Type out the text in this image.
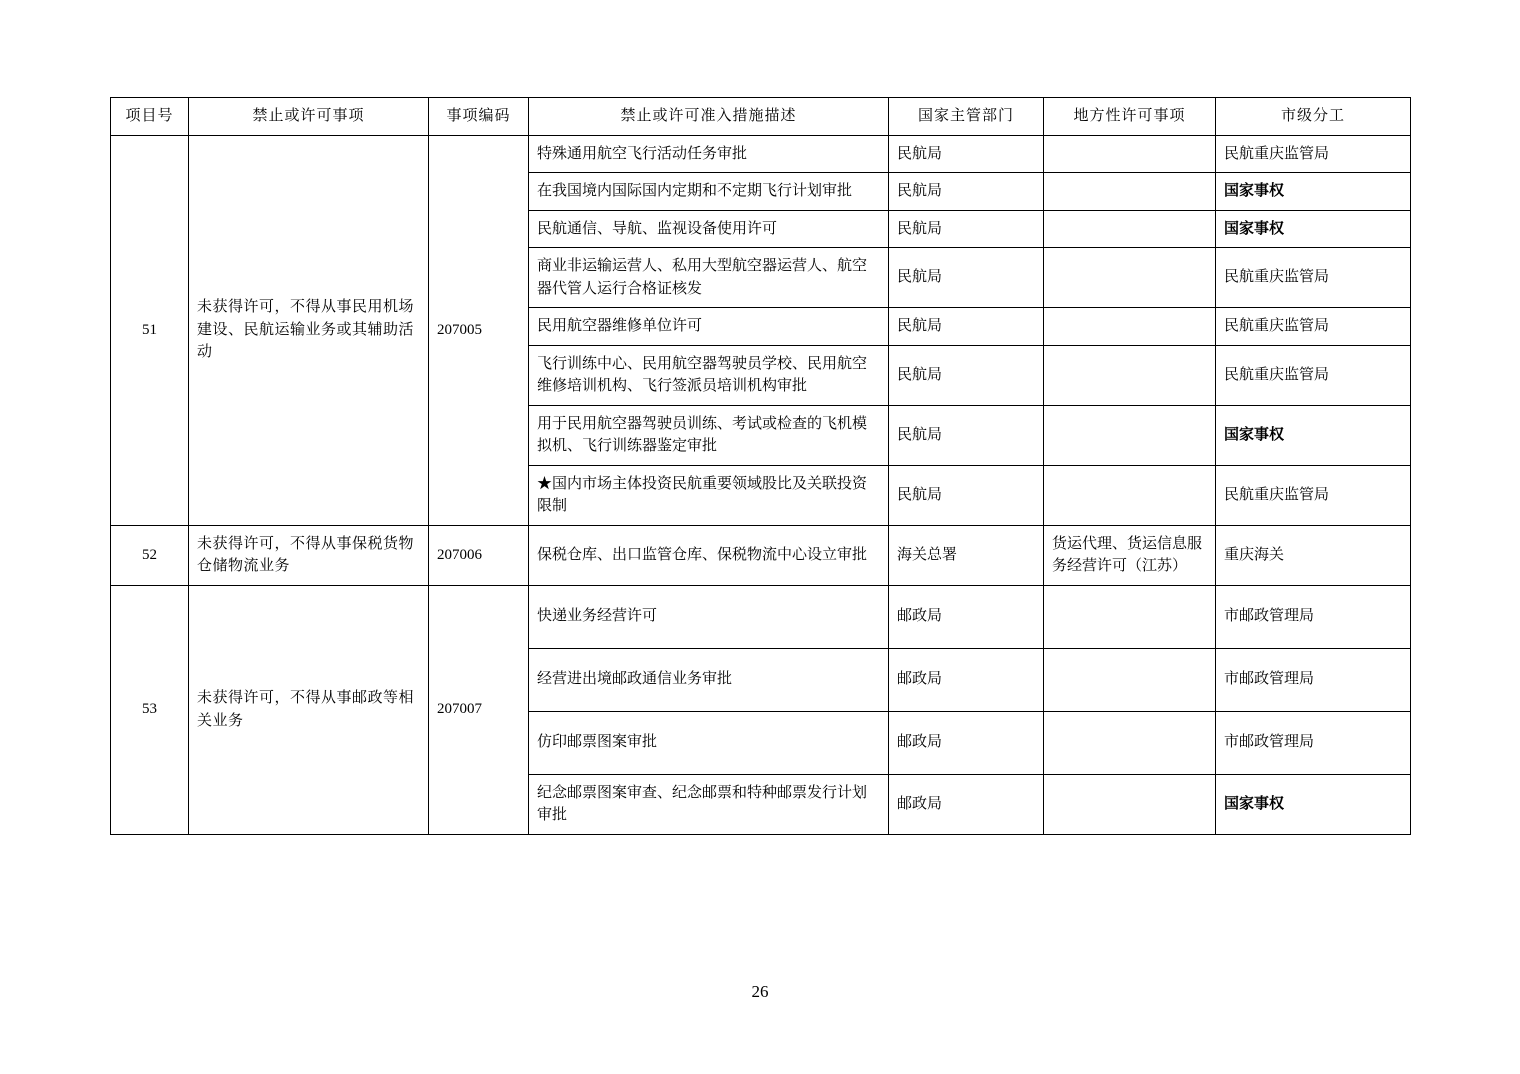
项目号	禁止或许可事项	事项编码	禁止或许可准入措施描述	国家主管部门	地方性许可事项	市级分工
51	未获得许可，不得从事民用机场建设、民航运输业务或其辅助活动	207005	特殊通用航空飞行活动任务审批	民航局		民航重庆监管局
			在我国境内国际国内定期和不定期飞行计划审批	民航局		国家事权
			民航通信、导航、监视设备使用许可	民航局		国家事权
			商业非运输运营人、私用大型航空器运营人、航空器代管人运行合格证核发	民航局		民航重庆监管局
			民用航空器维修单位许可	民航局		民航重庆监管局
			飞行训练中心、民用航空器驾驶员学校、民用航空维修培训机构、飞行签派员培训机构审批	民航局		民航重庆监管局
			用于民用航空器驾驶员训练、考试或检查的飞机模拟机、飞行训练器鉴定审批	民航局		国家事权
			★国内市场主体投资民航重要领域股比及关联投资限制	民航局		民航重庆监管局
52	未获得许可，不得从事保税货物仓储物流业务	207006	保税仓库、出口监管仓库、保税物流中心设立审批	海关总署	货运代理、货运信息服务经营许可（江苏）	重庆海关
53	未获得许可，不得从事邮政等相关业务	207007	快递业务经营许可	邮政局		市邮政管理局
			经营进出境邮政通信业务审批	邮政局		市邮政管理局
			仿印邮票图案审批	邮政局		市邮政管理局
			纪念邮票图案审查、纪念邮票和特种邮票发行计划审批	邮政局		国家事权
26
